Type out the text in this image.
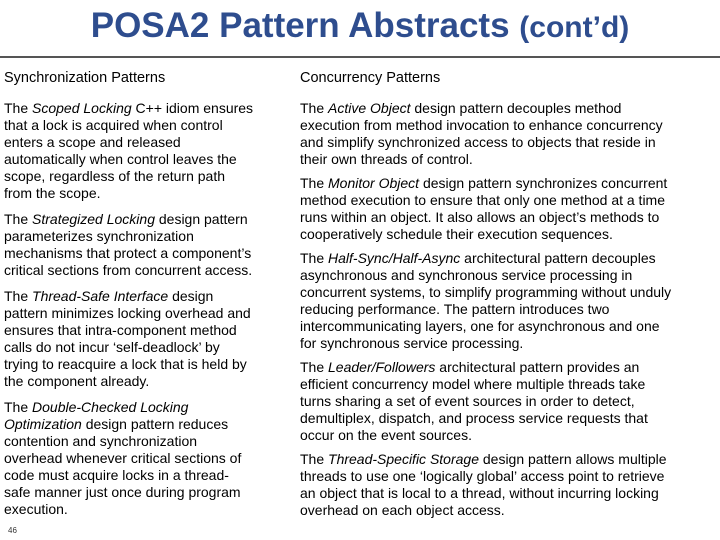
POSA2 Pattern Abstracts (cont’d)
Synchronization Patterns
The Scoped Locking C++ idiom ensures
that a lock is acquired when control
enters a scope and released
automatically when control leaves the
scope, regardless of the return path
from the scope.
The Strategized Locking design pattern
parameterizes synchronization
mechanisms that protect a component’s
critical sections from concurrent access.
The Thread-Safe Interface design
pattern minimizes locking overhead and
ensures that intra-component method
calls do not incur ‘self-deadlock’ by
trying to reacquire a lock that is held by
the component already.
The Double-Checked Locking
Optimization design pattern reduces
contention and synchronization
overhead whenever critical sections of
code must acquire locks in a thread-
safe manner just once during program
execution.
Concurrency Patterns
The Active Object design pattern decouples method
execution from method invocation to enhance concurrency
and simplify synchronized access to objects that reside in
their own threads of control.
The Monitor Object design pattern synchronizes concurrent
method execution to ensure that only one method at a time
runs within an object. It also allows an object’s methods to
cooperatively schedule their execution sequences.
The Half-Sync/Half-Async architectural pattern decouples
asynchronous and synchronous service processing in
concurrent systems, to simplify programming without unduly
reducing performance. The pattern introduces two
intercommunicating layers, one for asynchronous and one
for synchronous service processing.
The Leader/Followers architectural pattern provides an
efficient concurrency model where multiple threads take
turns sharing a set of event sources in order to detect,
demultiplex, dispatch, and process service requests that
occur on the event sources.
The Thread-Specific Storage design pattern allows multiple
threads to use one ‘logically global’ access point to retrieve
an object that is local to a thread, without incurring locking
overhead on each object access.
46
